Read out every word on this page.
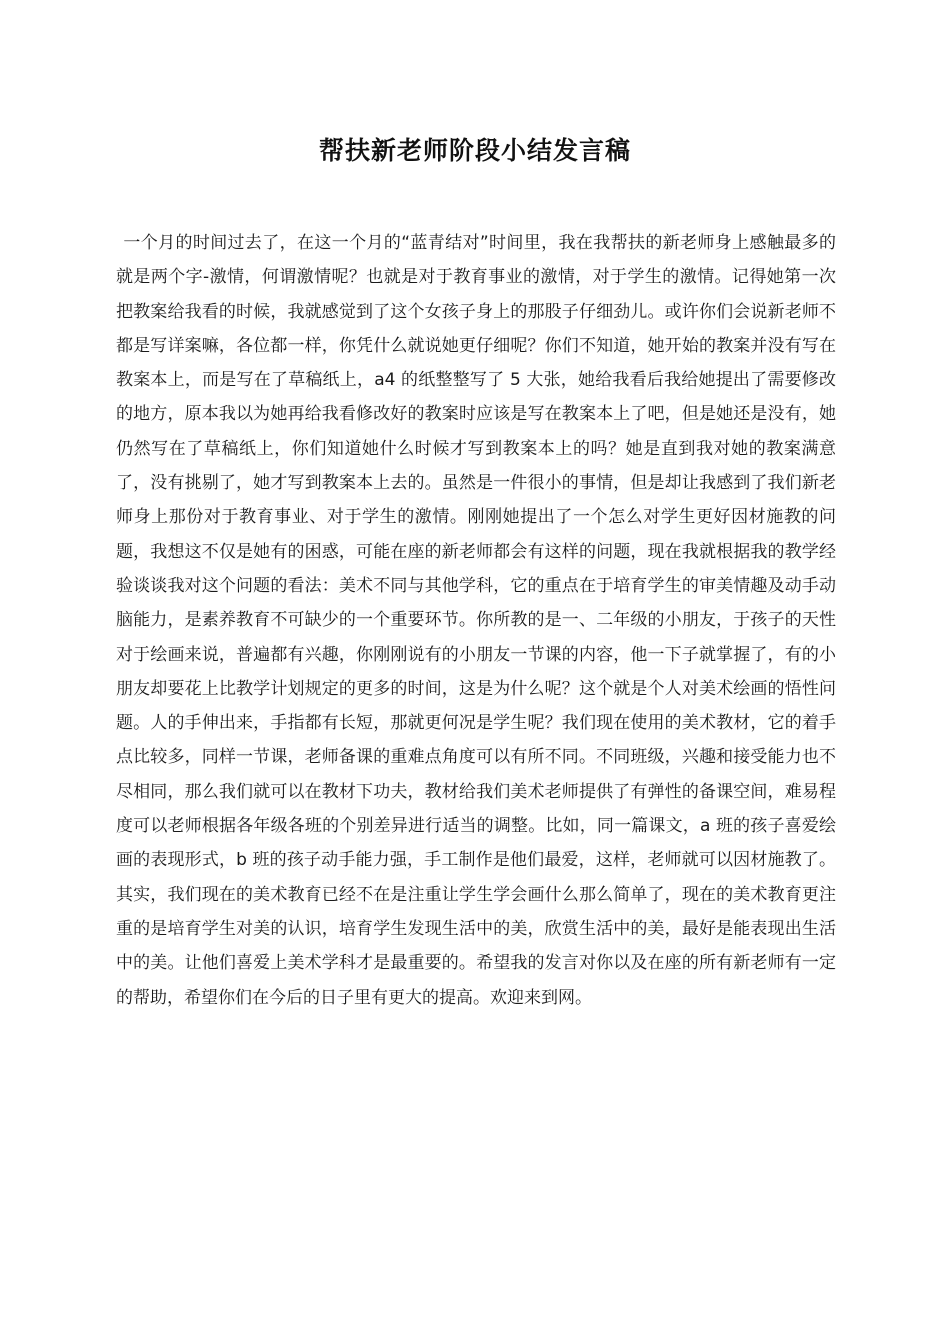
帮扶新老师阶段小结发言稿

一个月的时间过去了，在这一个月的“蓝青结对”时间里，我在我帮扶的新老师身上感触最多的就是两个字-激情，何谓激情呢？也就是对于教育事业的激情，对于学生的激情。记得她第一次把教案给我看的时候，我就感觉到了这个女孩子身上的那股子仔细劲儿。或许你们会说新老师不都是写详案嘛，各位都一样，你凭什么就说她更仔细呢？你们不知道，她开始的教案并没有写在教案本上，而是写在了草稿纸上，a4 的纸整整写了 5 大张，她给我看后我给她提出了需要修改的地方，原本我以为她再给我看修改好的教案时应该是写在教案本上了吧，但是她还是没有，她仍然写在了草稿纸上，你们知道她什么时候才写到教案本上的吗？她是直到我对她的教案满意了，没有挑剔了，她才写到教案本上去的。虽然是一件很小的事情，但是却让我感到了我们新老师身上那份对于教育事业、对于学生的激情。刚刚她提出了一个怎么对学生更好因材施教的问题，我想这不仅是她有的困惑，可能在座的新老师都会有这样的问题，现在我就根据我的教学经验谈谈我对这个问题的看法：美术不同与其他学科，它的重点在于培育学生的审美情趣及动手动脑能力，是素养教育不可缺少的一个重要环节。你所教的是一、二年级的小朋友，于孩子的天性对于绘画来说，普遍都有兴趣，你刚刚说有的小朋友一节课的内容，他一下子就掌握了，有的小朋友却要花上比教学计划规定的更多的时间，这是为什么呢？这个就是个人对美术绘画的悟性问题。人的手伸出来，手指都有长短，那就更何况是学生呢？我们现在使用的美术教材，它的着手点比较多，同样一节课，老师备课的重难点角度可以有所不同。不同班级，兴趣和接受能力也不尽相同，那么我们就可以在教材下功夫，教材给我们美术老师提供了有弹性的备课空间，难易程度可以老师根据各年级各班的个别差异进行适当的调整。比如，同一篇课文，a 班的孩子喜爱绘画的表现形式，b 班的孩子动手能力强，手工制作是他们最爱，这样，老师就可以因材施教了。其实，我们现在的美术教育已经不在是注重让学生学会画什么那么简单了，现在的美术教育更注重的是培育学生对美的认识，培育学生发现生活中的美，欣赏生活中的美，最好是能表现出生活中的美。让他们喜爱上美术学科才是最重要的。希望我的发言对你以及在座的所有新老师有一定的帮助，希望你们在今后的日子里有更大的提高。欢迎来到网。
